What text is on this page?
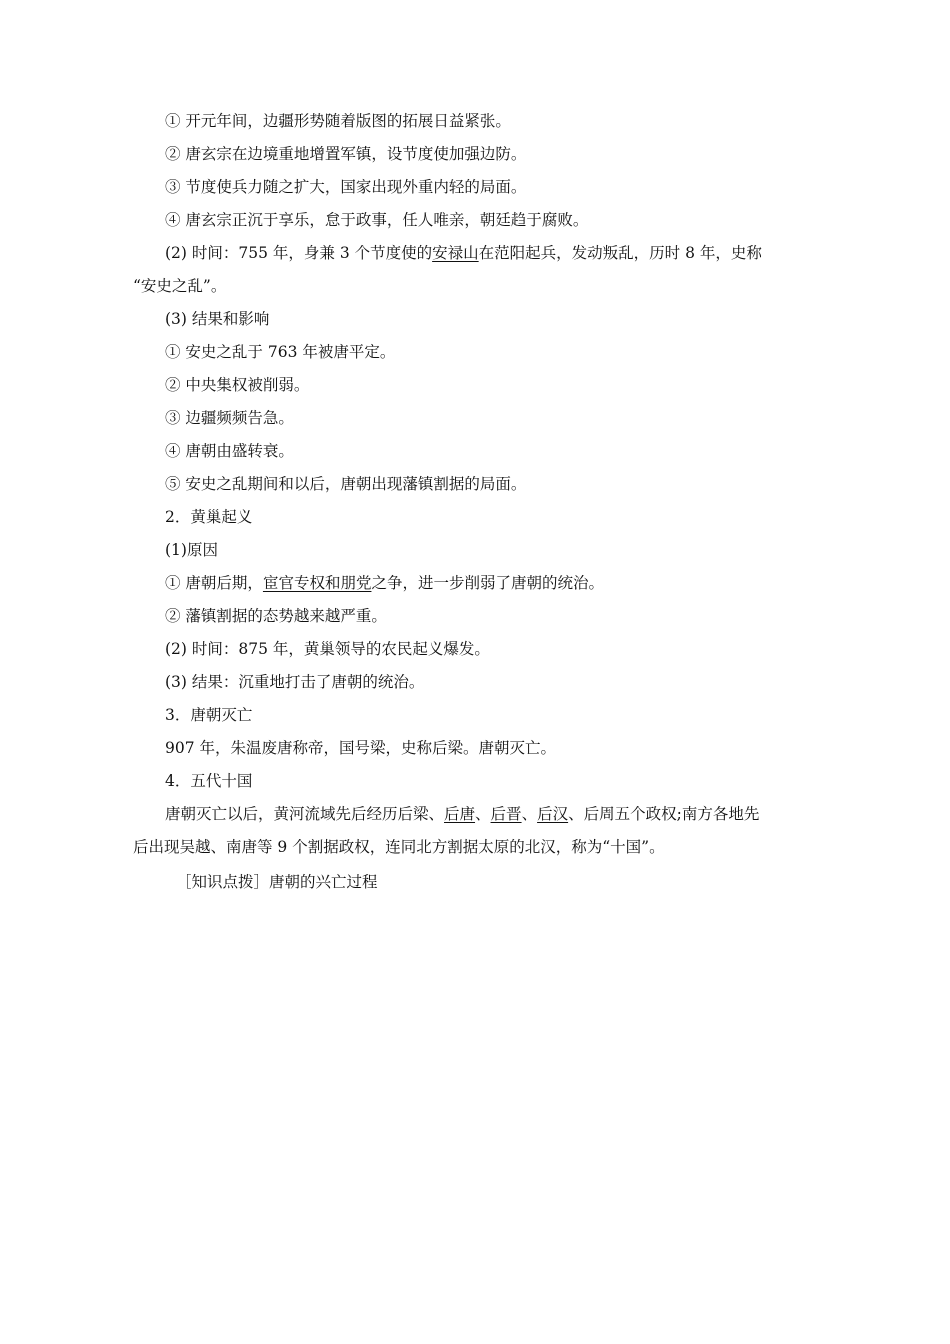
① 开元年间，边疆形势随着版图的拓展日益紧张。
② 唐玄宗在边境重地增置军镇，设节度使加强边防。
③ 节度使兵力随之扩大，国家出现外重内轻的局面。
④ 唐玄宗正沉于享乐，怠于政事，任人唯亲，朝廷趋于腐败。
(2) 时间：755 年，身兼 3 个节度使的安禄山在范阳起兵，发动叛乱，历时 8 年，史称
“安史之乱”。
(3) 结果和影响
① 安史之乱于 763 年被唐平定。
② 中央集权被削弱。
③ 边疆频频告急。
④ 唐朝由盛转衰。
⑤ 安史之乱期间和以后，唐朝出现藩镇割据的局面。
2．黄巢起义
(1)原因
① 唐朝后期，宦官专权和朋党之争，进一步削弱了唐朝的统治。
② 藩镇割据的态势越来越严重。
(2) 时间：875 年，黄巢领导的农民起义爆发。
(3) 结果：沉重地打击了唐朝的统治。
3．唐朝灭亡
907 年，朱温废唐称帝，国号梁，史称后梁。唐朝灭亡。
4．五代十国
唐朝灭亡以后，黄河流域先后经历后梁、后唐、后晋、后汉、后周五个政权;南方各地先
后出现吴越、南唐等 9 个割据政权，连同北方割据太原的北汉，称为“十国”。
［知识点拨］唐朝的兴亡过程
